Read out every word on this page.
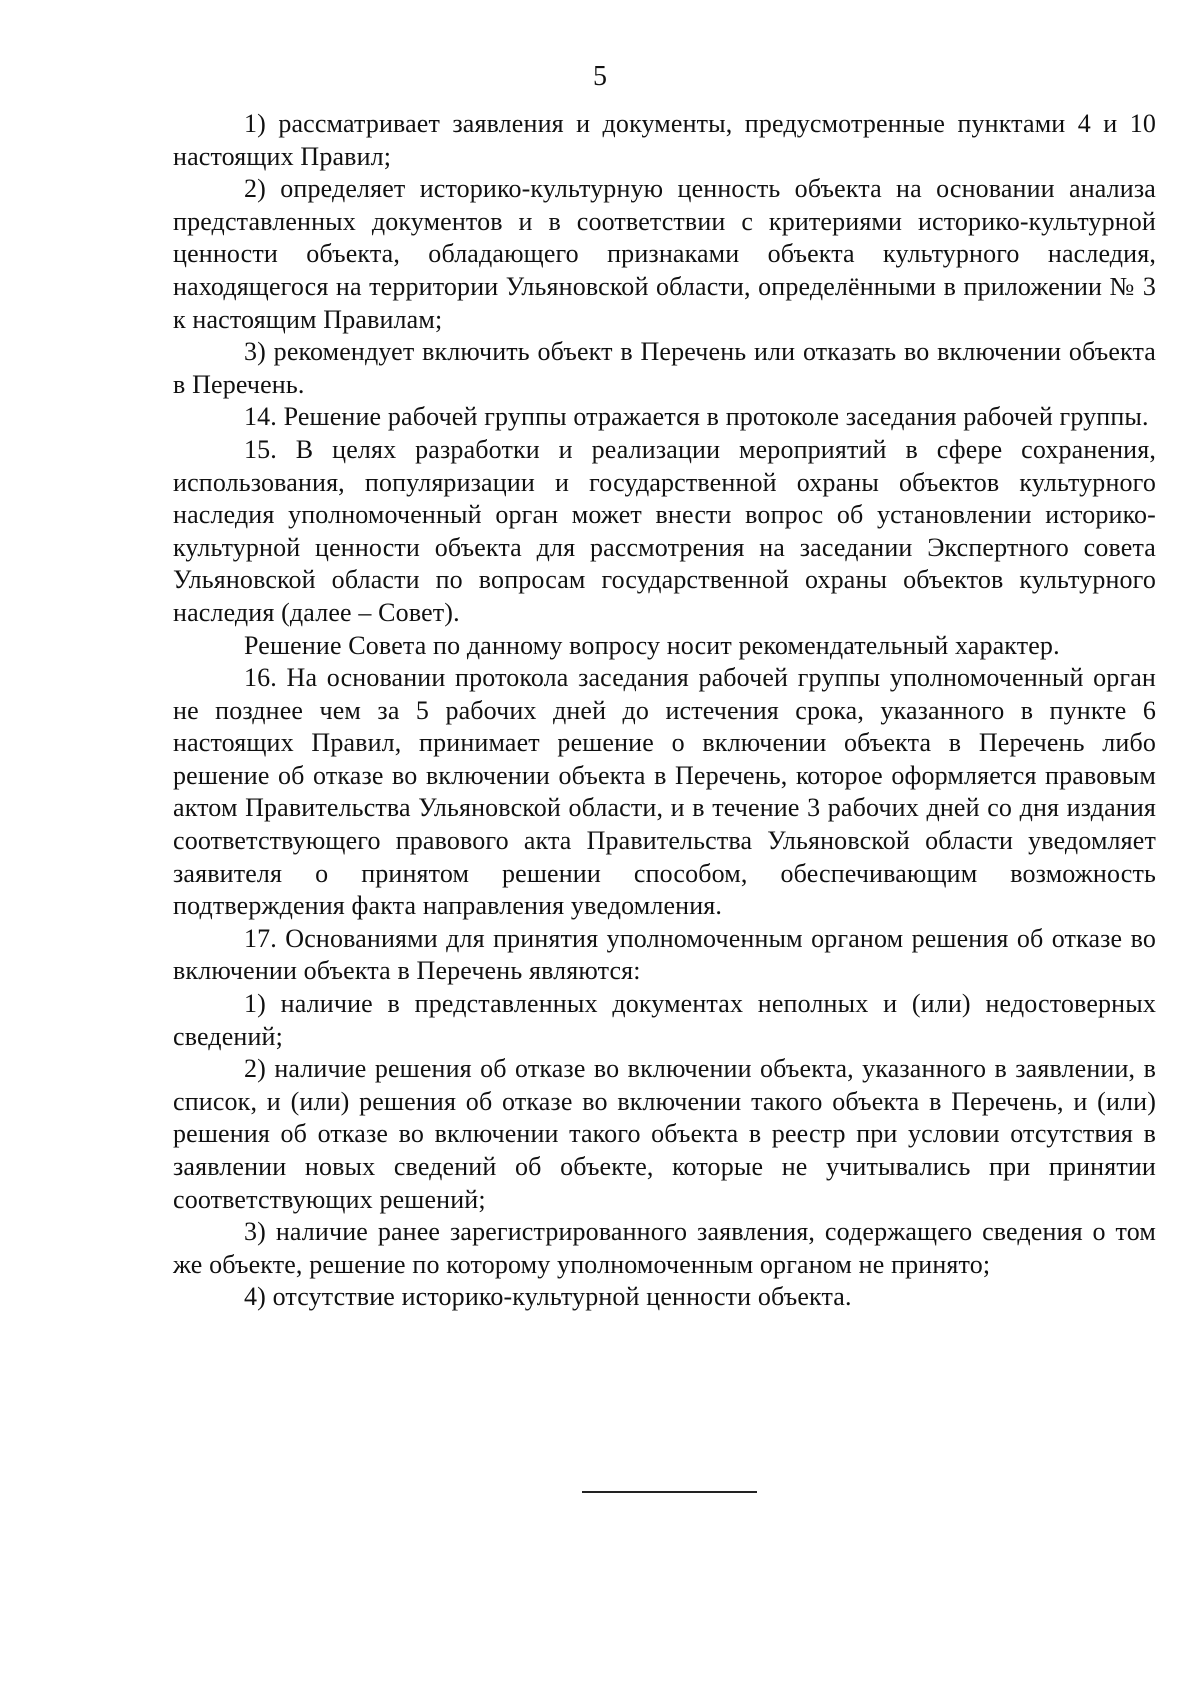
5

1) рассматривает заявления и документы, предусмотренные пунктами 4 и 10 настоящих Правил;

2) определяет историко-культурную ценность объекта на основании анализа представленных документов и в соответствии с критериями историко-культурной ценности объекта, обладающего признаками объекта культурного наследия, находящегося на территории Ульяновской области, определёнными в приложении № 3 к настоящим Правилам;

3) рекомендует включить объект в Перечень или отказать во включении объекта в Перечень.

14. Решение рабочей группы отражается в протоколе заседания рабочей группы.

15. В целях разработки и реализации мероприятий в сфере сохранения, использования, популяризации и государственной охраны объектов культурного наследия уполномоченный орган может внести вопрос об установлении историко-культурной ценности объекта для рассмотрения на заседании Экспертного совета Ульяновской области по вопросам государственной охраны объектов культурного наследия (далее – Совет).

Решение Совета по данному вопросу носит рекомендательный характер.

16. На основании протокола заседания рабочей группы уполномоченный орган не позднее чем за 5 рабочих дней до истечения срока, указанного в пункте 6 настоящих Правил, принимает решение о включении объекта в Перечень либо решение об отказе во включении объекта в Перечень, которое оформляется правовым актом Правительства Ульяновской области, и в течение 3 рабочих дней со дня издания соответствующего правового акта Правительства Ульяновской области уведомляет заявителя о принятом решении способом, обеспечивающим возможность подтверждения факта направления уведомления.

17. Основаниями для принятия уполномоченным органом решения об отказе во включении объекта в Перечень являются:

1) наличие в представленных документах неполных и (или) недостоверных сведений;

2) наличие решения об отказе во включении объекта, указанного в заявлении, в список, и (или) решения об отказе во включении такого объекта в Перечень, и (или) решения об отказе во включении такого объекта в реестр при условии отсутствия в заявлении новых сведений об объекте, которые не учитывались при принятии соответствующих решений;

3) наличие ранее зарегистрированного заявления, содержащего сведения о том же объекте, решение по которому уполномоченным органом не принято;

4) отсутствие историко-культурной ценности объекта.
